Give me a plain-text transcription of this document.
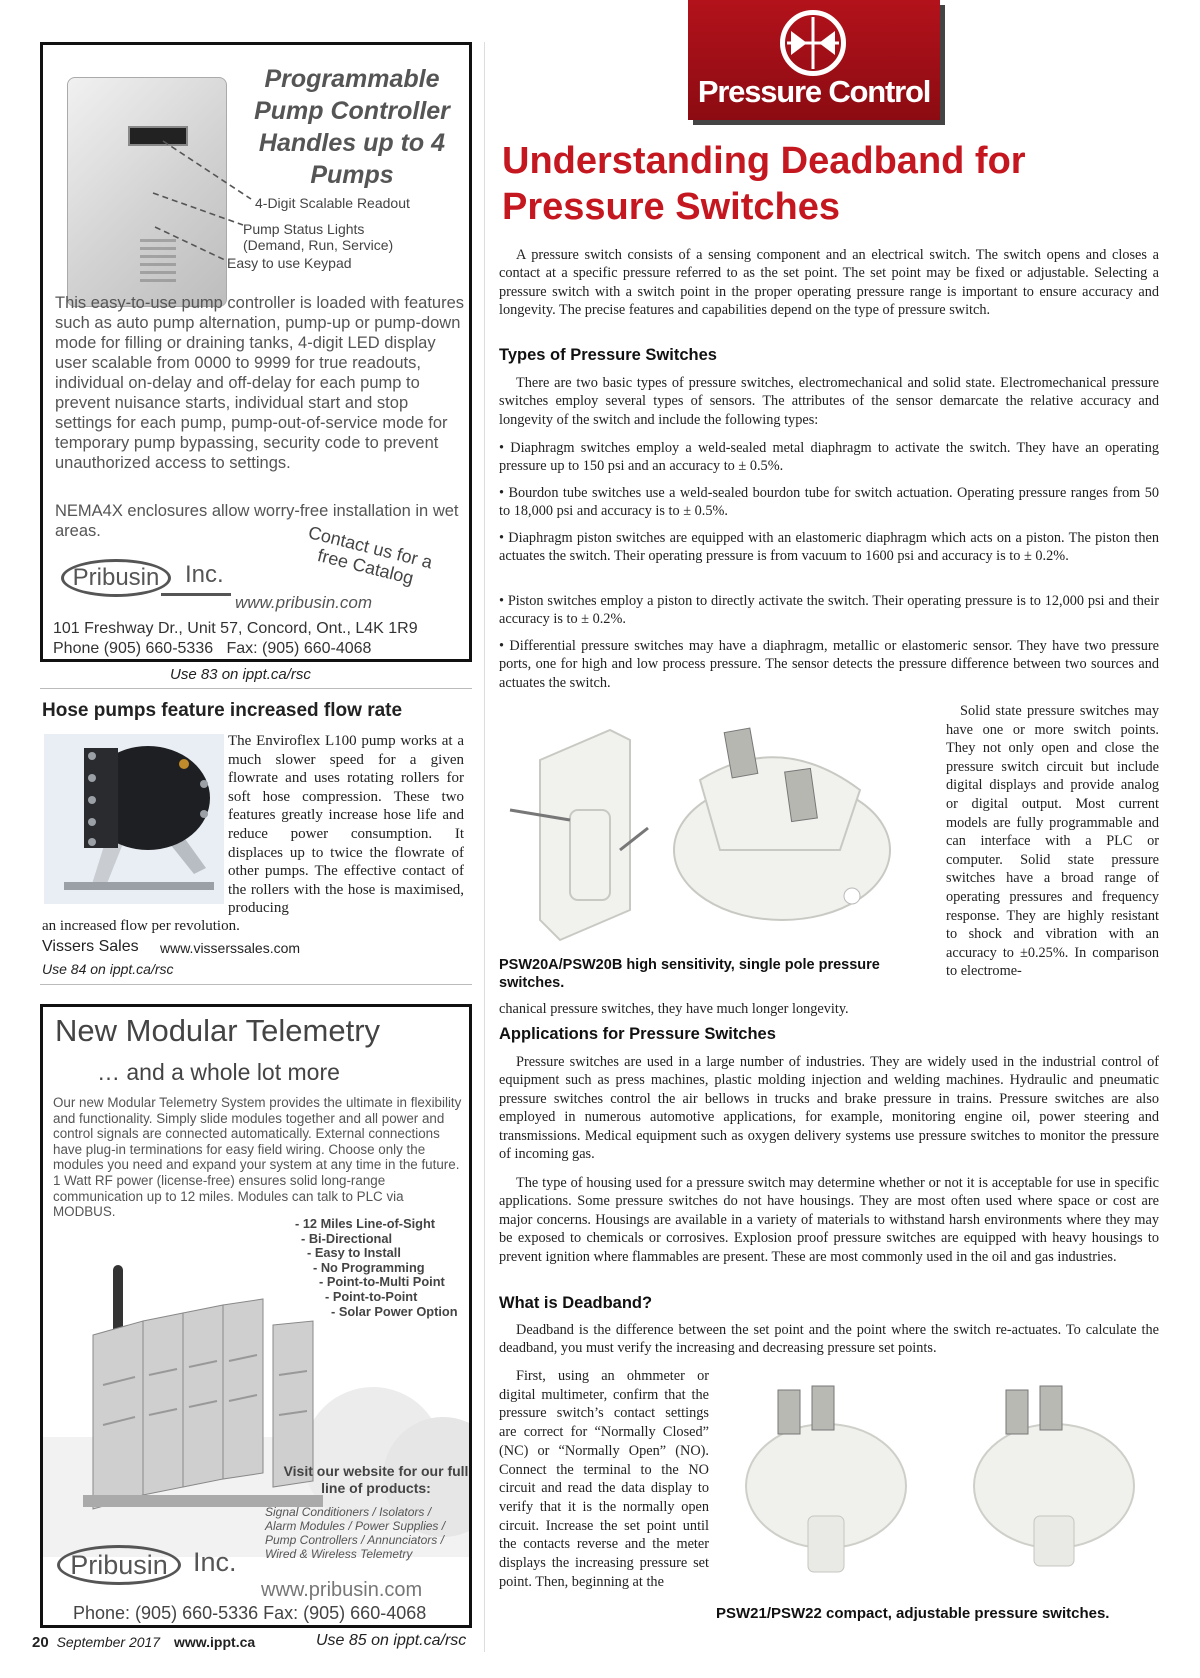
Programmable Pump Controller Handles up to 4 Pumps
4-Digit Scalable Readout
Pump Status Lights (Demand, Run, Service)
Easy to use Keypad
This easy-to-use pump controller is loaded with features such as auto pump alternation, pump-up or pump-down mode for filling or draining tanks, 4-digit LED display user scalable from 0000 to 9999 for true readouts, individual on-delay and off-delay for each pump to prevent nuisance starts, individual start and stop settings for each pump, pump-out-of-service mode for temporary pump bypassing, security code to prevent unauthorized access to settings.
NEMA4X enclosures allow worry-free installation in wet areas.	Contact us for a free Catalog
Pribusin	Inc.
www.pribusin.com
101 Freshway Dr., Unit 57, Concord, Ont., L4K 1R9
Phone (905) 660-5336 Fax: (905) 660-4068
Use 83 on ippt.ca/rsc
Hose pumps feature increased flow rate
The Enviroflex L100 pump works at a much slower speed for a given flowrate and uses rotating rollers for soft hose compression. These two features greatly increase hose life and reduce power consumption. It displaces up to twice the flowrate of other pumps. The effective contact of the rollers with the hose is maximised, producing
an increased flow per revolution.
Vissers Sales www.visserssales.com
Use 84 on ippt.ca/rsc
New Modular Telemetry
… and a whole lot more
Our new Modular Telemetry System provides the ultimate in flexibility and functionality. Simply slide modules together and all power and control signals are connected automatically. External connections have plug-in terminations for easy field wiring. Choose only the modules you need and expand your system at any time in the future. 1 Watt RF power (license-free) ensures solid long-range communication up to 12 miles. Modules can talk to PLC via MODBUS.
- 12 Miles Line-of-Sight
- Bi-Directional
- Easy to Install
- No Programming
- Point-to-Multi Point
- Point-to-Point
- Solar Power Option
Visit our website for our full line of products:
Signal Conditioners / Isolators / Alarm Modules / Power Supplies / Pump Controllers / Annunciators / Wired & Wireless Telemetry
Pribusin Inc.
www.pribusin.com
Phone: (905) 660-5336 Fax: (905) 660-4068
20 September 2017 www.ippt.ca	Use 85 on ippt.ca/rsc
Pressure Control
Understanding Deadband for Pressure Switches
A pressure switch consists of a sensing component and an electrical switch. The switch opens and closes a contact at a specific pressure referred to as the set point. The set point may be fixed or adjustable. Selecting a pressure switch with a switch point in the proper operating pressure range is important to ensure accuracy and longevity. The precise features and capabilities depend on the type of pressure switch.
Types of Pressure Switches
There are two basic types of pressure switches, electromechanical and solid state. Electromechanical pressure switches employ several types of sensors. The attributes of the sensor demarcate the relative accuracy and longevity of the switch and include the following types:
• Diaphragm switches employ a weld-sealed metal diaphragm to activate the switch. They have an operating pressure up to 150 psi and an accuracy to ± 0.5%.
• Bourdon tube switches use a weld-sealed bourdon tube for switch actuation. Operating pressure ranges from 50 to 18,000 psi and accuracy is to ± 0.5%.
• Diaphragm piston switches are equipped with an elastomeric diaphragm which acts on a piston. The piston then actuates the switch. Their operating pressure is from vacuum to 1600 psi and accuracy is to ± 0.2%.
• Piston switches employ a piston to directly activate the switch. Their operating pressure is to 12,000 psi and their accuracy is to ± 0.2%.
• Differential pressure switches may have a diaphragm, metallic or elastomeric sensor. They have two pressure ports, one for high and low process pressure. The sensor detects the pressure difference between two sources and actuates the switch.
PSW20A/PSW20B high sensitivity, single pole pressure switches.
Solid state pressure switches may have one or more switch points. They not only open and close the pressure switch circuit but include digital displays and provide analog or digital output. Most current models are fully programmable and can interface with a PLC or computer. Solid state pressure switches have a broad range of operating pressures and frequency response. They are highly resistant to shock and vibration with an accuracy to ±0.25%. In comparison to electrome-
chanical pressure switches, they have much longer longevity.
Applications for Pressure Switches
Pressure switches are used in a large number of industries. They are widely used in the industrial control of equipment such as press machines, plastic molding injection and welding machines. Hydraulic and pneumatic pressure switches control the air bellows in trucks and brake pressure in trains. Pressure switches are also employed in numerous automotive applications, for example, monitoring engine oil, power steering and transmissions. Medical equipment such as oxygen delivery systems use pressure switches to monitor the pressure of incoming gas.
The type of housing used for a pressure switch may determine whether or not it is acceptable for use in specific applications. Some pressure switches do not have housings. They are most often used where space or cost are major concerns. Housings are available in a variety of materials to withstand harsh environments where they may be exposed to chemicals or corrosives. Explosion proof pressure switches are equipped with heavy housings to prevent ignition where flammables are present. These are most commonly used in the oil and gas industries.
What is Deadband?
Deadband is the difference between the set point and the point where the switch re-actuates. To calculate the deadband, you must verify the increasing and decreasing pressure set points.
First, using an ohmmeter or digital multimeter, confirm that the pressure switch’s contact settings are correct for “Normally Closed” (NC) or “Normally Open” (NO). Connect the terminal to the NO circuit and read the data display to verify that it is the normally open circuit. Increase the set point until the contacts reverse and the meter displays the increasing pressure set point. Then, beginning at the
PSW21/PSW22 compact, adjustable pressure switches.
